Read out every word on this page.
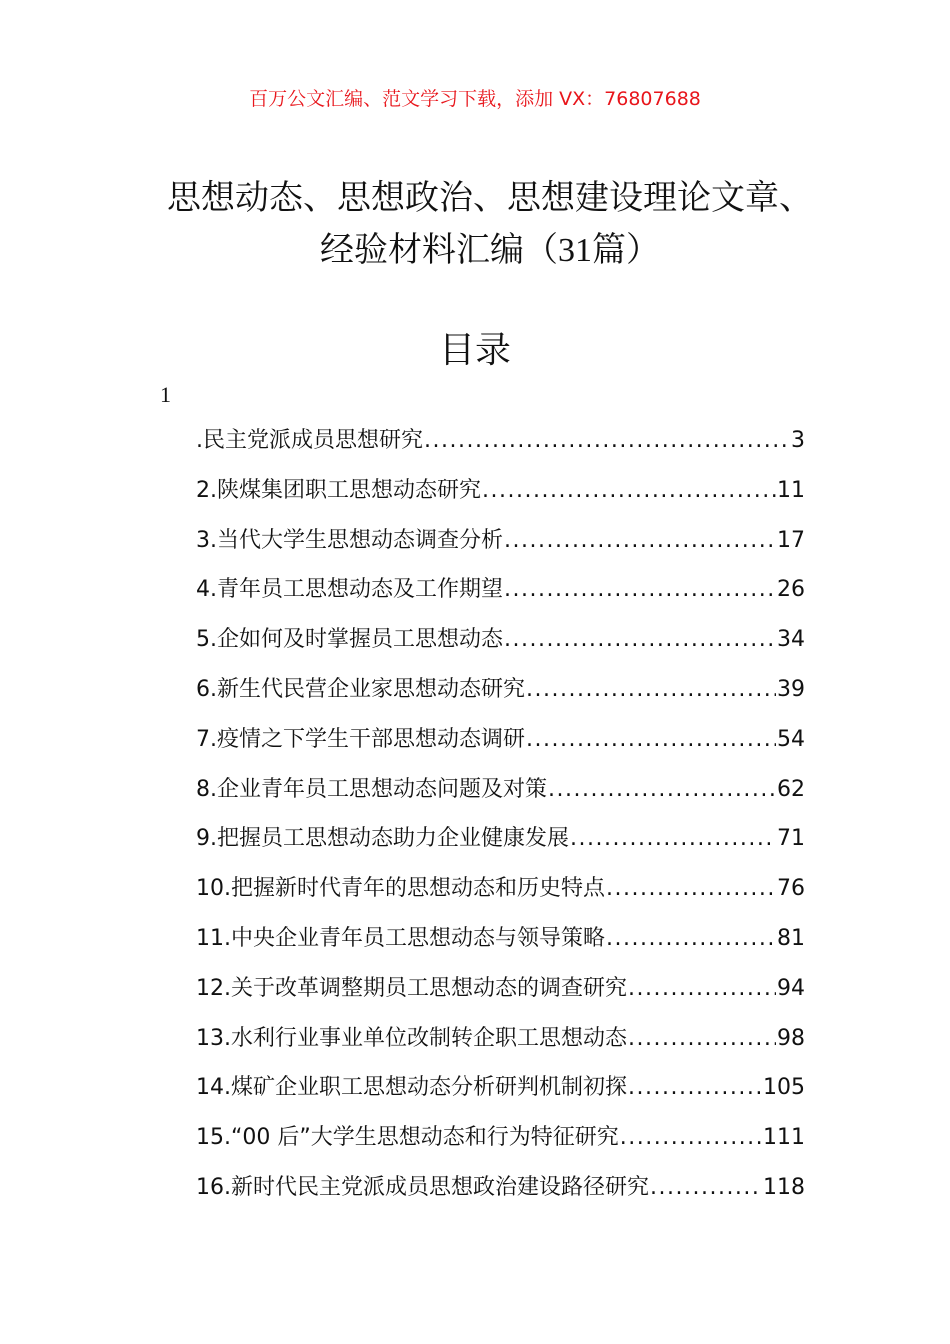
百万公文汇编、范文学习下载，添加 VX：76807688
思想动态、思想政治、思想建设理论文章、
经验材料汇编（31篇）
目录
1
.民主党派成员思想研究 .....	3
2.陕煤集团职工思想动态研究 .....	11
3.当代大学生思想动态调查分析 .....	17
4.青年员工思想动态及工作期望 .....	26
5.企如何及时掌握员工思想动态 .....	34
6.新生代民营企业家思想动态研究 .....	39
7.疫情之下学生干部思想动态调研 .....	54
8.企业青年员工思想动态问题及对策 .....	62
9.把握员工思想动态助力企业健康发展 .....	71
10.把握新时代青年的思想动态和历史特点 .....	76
11.中央企业青年员工思想动态与领导策略 .....	81
12.关于改革调整期员工思想动态的调查研究 .....	94
13.水利行业事业单位改制转企职工思想动态 .....	98
14.煤矿企业职工思想动态分析研判机制初探 .....	105
15.“00 后”大学生思想动态和行为特征研究 .....	111
16.新时代民主党派成员思想政治建设路径研究 .....	118
